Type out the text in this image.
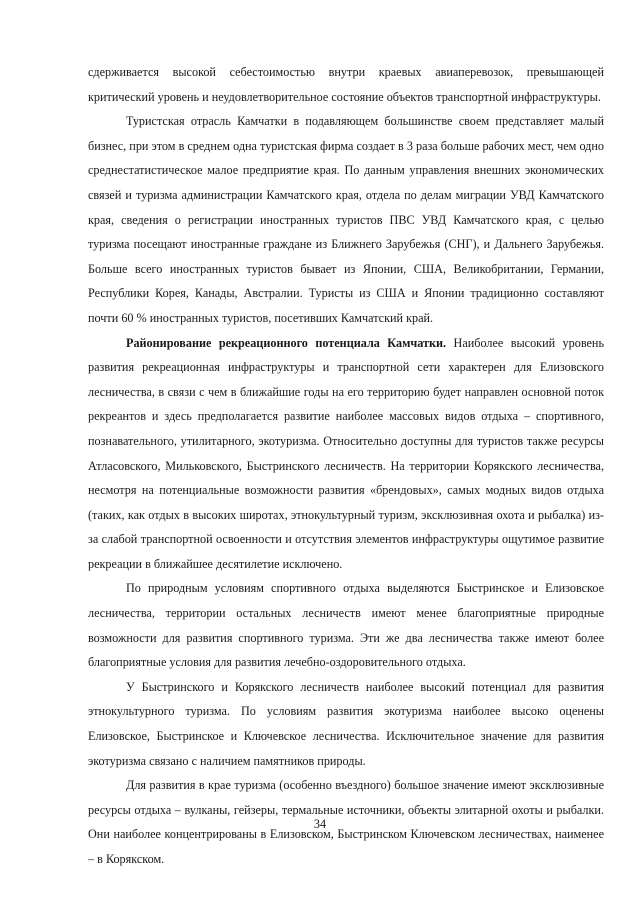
сдерживается высокой себестоимостью внутри краевых авиаперевозок, превышающей критический уровень и неудовлетворительное состояние объектов транспортной инфраструктуры.

Туристская отрасль Камчатки в подавляющем большинстве своем представляет малый бизнес, при этом в среднем одна туристская фирма создает в 3 раза больше рабочих мест, чем одно среднестатистическое малое предприятие края. По данным управления внешних экономических связей и туризма администрации Камчатского края, отдела по делам миграции УВД Камчатского края, сведения о регистрации иностранных туристов ПВС УВД Камчатского края, с целью туризма посещают иностранные граждане из Ближнего Зарубежья (СНГ), и Дальнего Зарубежья. Больше всего иностранных туристов бывает из Японии, США, Великобритании, Германии, Республики Корея, Канады, Австралии. Туристы из США и Японии традиционно составляют почти 60 % иностранных туристов, посетивших Камчатский край.

Районирование рекреационного потенциала Камчатки. Наиболее высокий уровень развития рекреационная инфраструктуры и транспортной сети характерен для Елизовского лесничества, в связи с чем в ближайшие годы на его территорию будет направлен основной поток рекреантов и здесь предполагается развитие наиболее массовых видов отдыха – спортивного, познавательного, утилитарного, экотуризма. Относительно доступны для туристов также ресурсы Атласовского, Мильковского, Быстринского лесничеств. На территории Корякского лесничества, несмотря на потенциальные возможности развития «брендовых», самых модных видов отдыха (таких, как отдых в высоких широтах, этнокультурный туризм, эксклюзивная охота и рыбалка) из-за слабой транспортной освоенности и отсутствия элементов инфраструктуры ощутимое развитие рекреации в ближайшее десятилетие исключено.

По природным условиям спортивного отдыха выделяются Быстринское и Елизовское лесничества, территории остальных лесничеств имеют менее благоприятные природные возможности для развития спортивного туризма. Эти же два лесничества также имеют более благоприятные условия для развития лечебно-оздоровительного отдыха.

У Быстринского и Корякского лесничеств наиболее высокий потенциал для развития этнокультурного туризма. По условиям развития экотуризма наиболее высоко оценены Елизовское, Быстринское и Ключевское лесничества. Исключительное значение для развития экотуризма связано с наличием памятников природы.

Для развития в крае туризма (особенно въездного) большое значение имеют эксклюзивные ресурсы отдыха – вулканы, гейзеры, термальные источники, объекты элитарной охоты и рыбалки. Они наиболее концентрированы в Елизовском, Быстринском Ключевском лесничествах, наименее – в Корякском.

34
